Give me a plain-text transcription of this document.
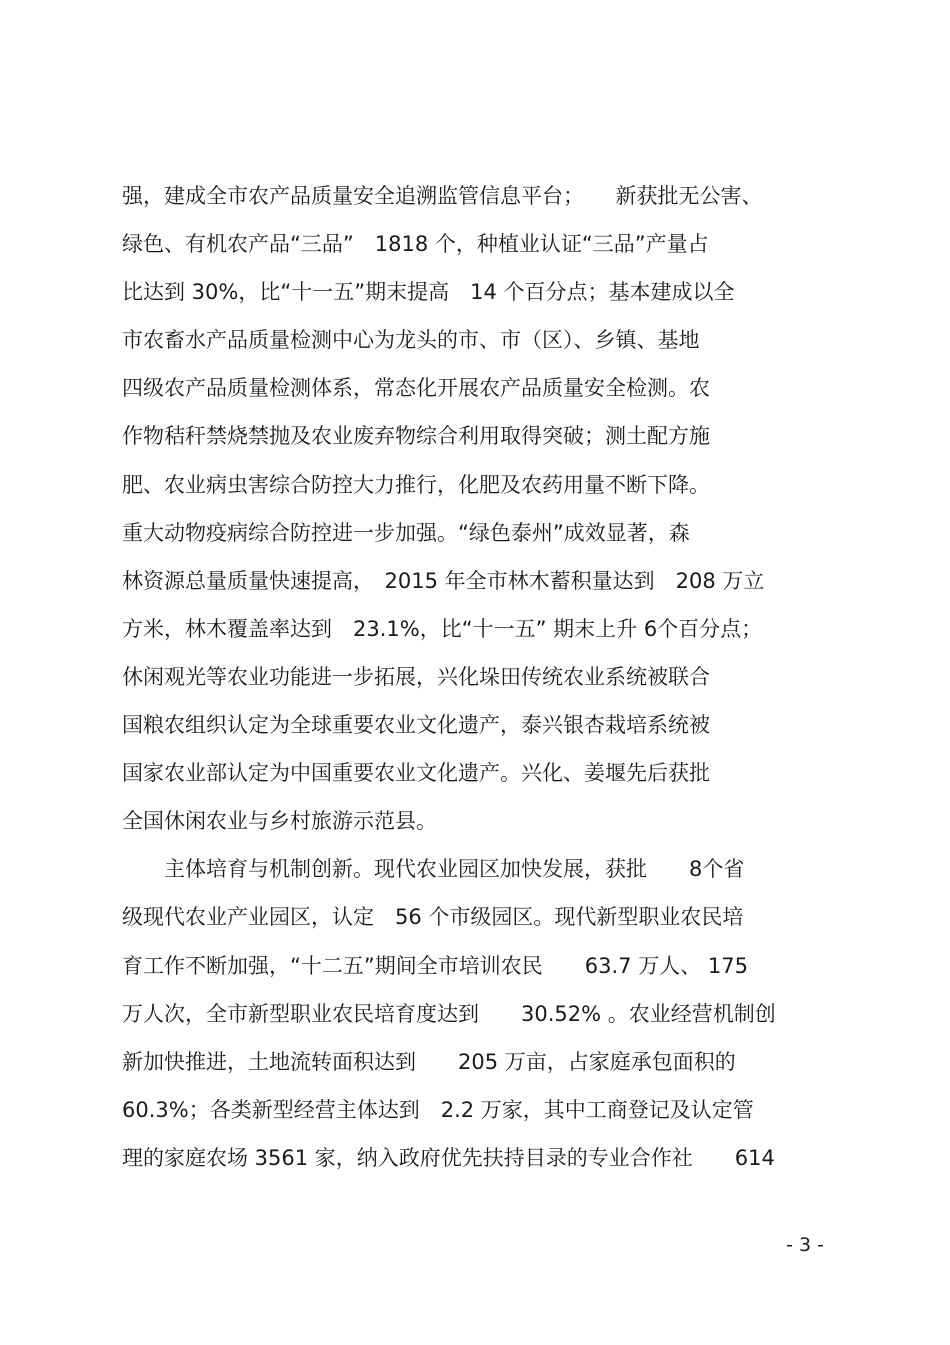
强，建成全市农产品质量安全追溯监管信息平台；　　新获批无公害、
绿色、有机农产品“三品”　1818 个，种植业认证“三品”产量占
比达到 30%，比“十一五”期末提高　14 个百分点；基本建成以全
市农畜水产品质量检测中心为龙头的市、市（区）、乡镇、基地
四级农产品质量检测体系，常态化开展农产品质量安全检测。农
作物秸秆禁烧禁抛及农业废弃物综合利用取得突破；测土配方施
肥、农业病虫害综合防控大力推行，化肥及农药用量不断下降。
重大动物疫病综合防控进一步加强。“绿色泰州”成效显著，森
林资源总量质量快速提高，　2015 年全市林木蓄积量达到　208 万立
方米，林木覆盖率达到　23.1%，比“十一五” 期末上升 6个百分点；
休闲观光等农业功能进一步拓展，兴化垛田传统农业系统被联合
国粮农组织认定为全球重要农业文化遗产，泰兴银杏栽培系统被
国家农业部认定为中国重要农业文化遗产。兴化、姜堰先后获批
全国休闲农业与乡村旅游示范县。
　　主体培育与机制创新。现代农业园区加快发展，获批　　8个省
级现代农业产业园区，认定　56 个市级园区。现代新型职业农民培
育工作不断加强，“十二五”期间全市培训农民　　63.7 万人、 175
万人次，全市新型职业农民培育度达到　　30.52% 。农业经营机制创
新加快推进，土地流转面积达到　　205 万亩，占家庭承包面积的
60.3%；各类新型经营主体达到　2.2 万家，其中工商登记及认定管
理的家庭农场 3561 家，纳入政府优先扶持目录的专业合作社　　614
- 3 -
